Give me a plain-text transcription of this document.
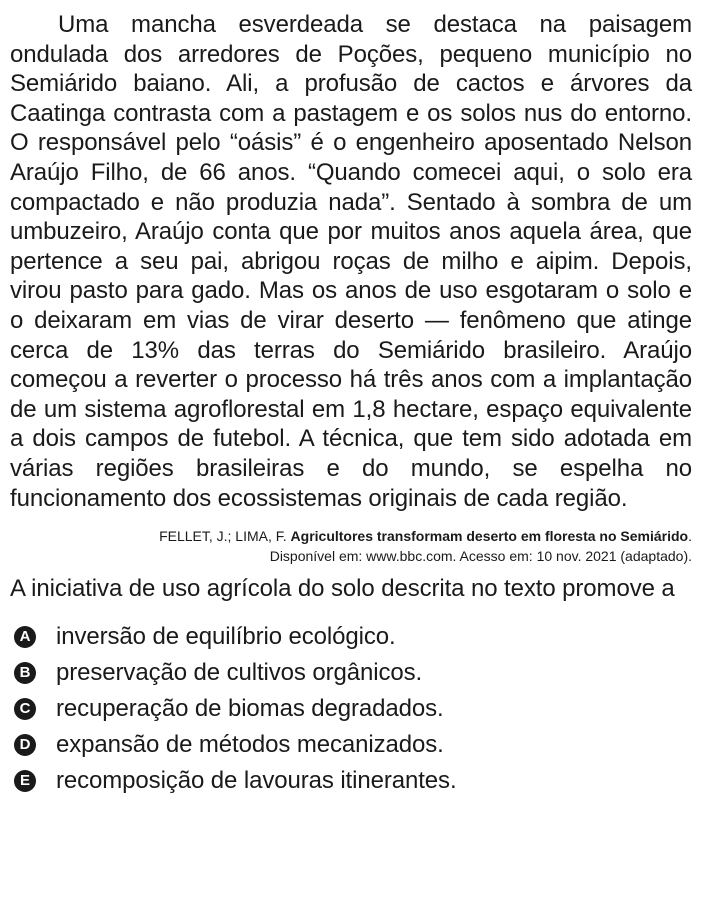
Uma mancha esverdeada se destaca na paisagem ondulada dos arredores de Poções, pequeno município no Semiárido baiano. Ali, a profusão de cactos e árvores da Caatinga contrasta com a pastagem e os solos nus do entorno. O responsável pelo “oásis” é o engenheiro aposentado Nelson Araújo Filho, de 66 anos. “Quando comecei aqui, o solo era compactado e não produzia nada”. Sentado à sombra de um umbuzeiro, Araújo conta que por muitos anos aquela área, que pertence a seu pai, abrigou roças de milho e aipim. Depois, virou pasto para gado. Mas os anos de uso esgotaram o solo e o deixaram em vias de virar deserto — fenômeno que atinge cerca de 13% das terras do Semiárido brasileiro. Araújo começou a reverter o processo há três anos com a implantação de um sistema agroflorestal em 1,8 hectare, espaço equivalente a dois campos de futebol. A técnica, que tem sido adotada em várias regiões brasileiras e do mundo, se espelha no funcionamento dos ecossistemas originais de cada região.

FELLET, J.; LIMA, F. Agricultores transformam deserto em floresta no Semiárido.
Disponível em: www.bbc.com. Acesso em: 10 nov. 2021 (adaptado).

A iniciativa de uso agrícola do solo descrita no texto promove a

A inversão de equilíbrio ecológico.
B preservação de cultivos orgânicos.
C recuperação de biomas degradados.
D expansão de métodos mecanizados.
E recomposição de lavouras itinerantes.
